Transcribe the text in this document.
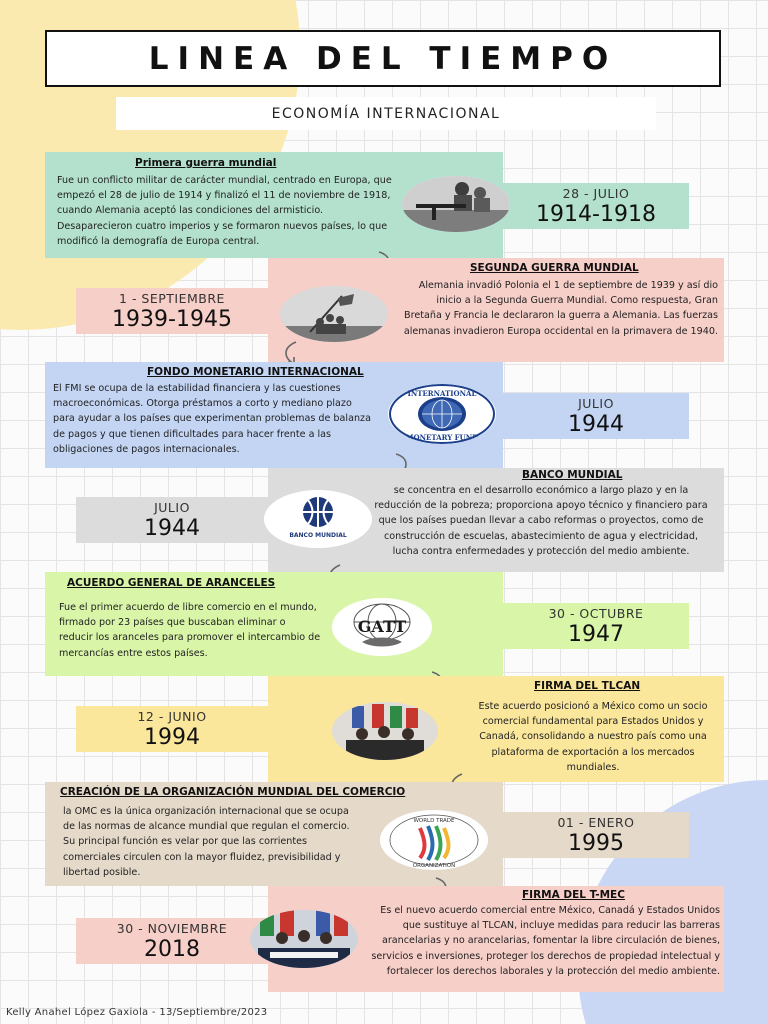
LINEA DEL TIEMPO
ECONOMÍA INTERNACIONAL
Primera guerra mundial

Fue un conflicto militar de carácter mundial, centrado en Europa, que empezó el 28 de julio de 1914 y finalizó el 11 de noviembre de 1918, cuando Alemania aceptó las condiciones del armisticio. Desaparecieron cuatro imperios y se formaron nuevos países, lo que modificó la demografía de Europa central.

28 - JULIO
1914-1918
SEGUNDA GUERRA MUNDIAL

Alemania invadió Polonia el 1 de septiembre de 1939 y así dio inicio a la Segunda Guerra Mundial. Como respuesta, Gran Bretaña y Francia le declararon la guerra a Alemania. Las fuerzas alemanas invadieron Europa occidental en la primavera de 1940.

1 - SEPTIEMBRE
1939-1945
FONDO MONETARIO INTERNACIONAL

El FMI se ocupa de la estabilidad financiera y las cuestiones macroeconómicas. Otorga préstamos a corto y mediano plazo para ayudar a los países que experimentan problemas de balanza de pagos y que tienen dificultades para hacer frente a las obligaciones de pagos internacionales.

JULIO
1944
INTERNATIONAL
MONETARY FUND
BANCO MUNDIAL

se concentra en el desarrollo económico a largo plazo y en la reducción de la pobreza; proporciona apoyo técnico y financiero para que los países puedan llevar a cabo reformas o proyectos, como de construcción de escuelas, abastecimiento de agua y electricidad, lucha contra enfermedades y protección del medio ambiente.

JULIO
1944	BANCO MUNDIAL
ACUERDO GENERAL DE ARANCELES

Fue el primer acuerdo de libre comercio en el mundo, firmado por 23 países que buscaban eliminar o reducir los aranceles para promover el intercambio de mercancías entre estos países.

30 - OCTUBRE
1947
GATT
FIRMA DEL TLCAN

Este acuerdo posicionó a México como un socio comercial fundamental para Estados Unidos y Canadá, consolidando a nuestro país como una plataforma de exportación a los mercados mundiales.

12 - JUNIO
1994
CREACIÓN DE LA ORGANIZACIÓN MUNDIAL DEL COMERCIO

la OMC es la única organización internacional que se ocupa de las normas de alcance mundial que regulan el comercio. Su principal función es velar por que las corrientes comerciales circulen con la mayor fluidez, previsibilidad y libertad posible.

01 - ENERO
1995
WORLD TRADE
ORGANIZATION
FIRMA DEL T-MEC

Es el nuevo acuerdo comercial entre México, Canadá y Estados Unidos que sustituye al TLCAN, incluye medidas para reducir las barreras arancelarias y no arancelarias, fomentar la libre circulación de bienes, servicios e inversiones, proteger los derechos de propiedad intelectual y fortalecer los derechos laborales y la protección del medio ambiente.

30 - NOVIEMBRE
2018
Kelly Anahel López Gaxiola - 13/Septiembre/2023
